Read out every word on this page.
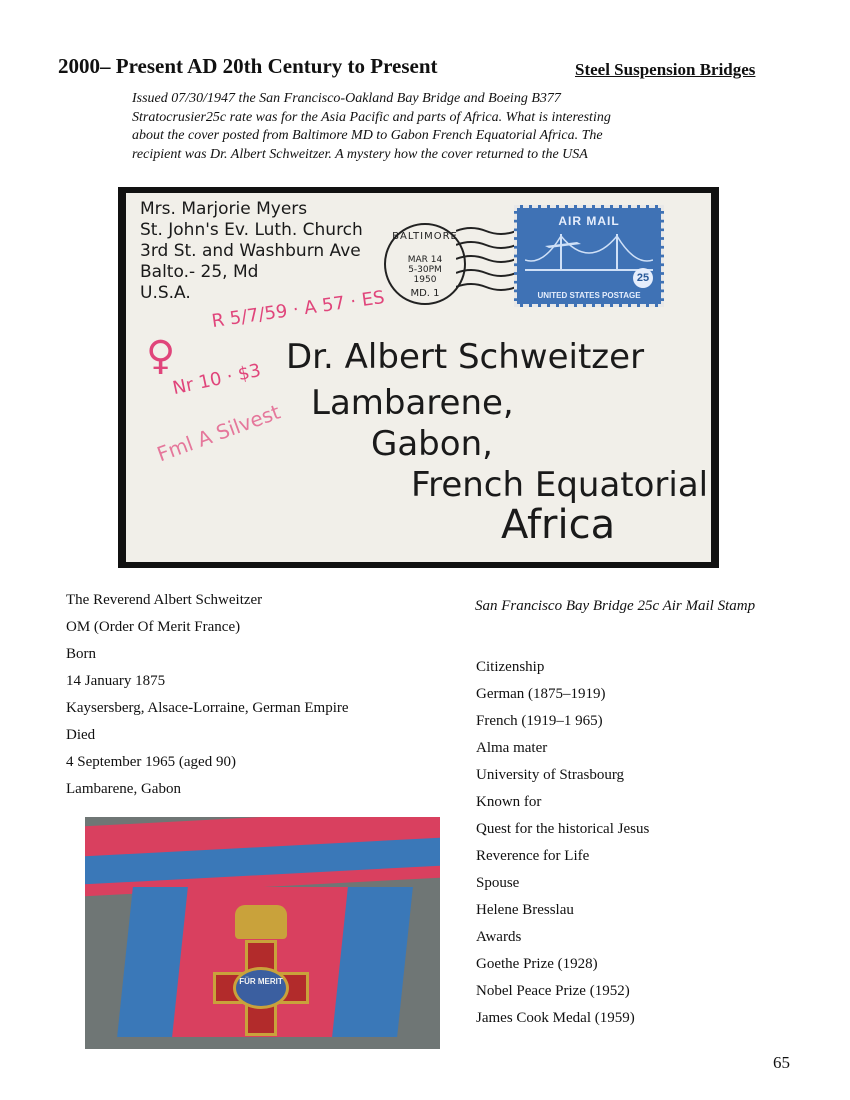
2000– Present AD 20th Century to Present	Steel Suspension Bridges
Issued 07/30/1947 the San Francisco-Oakland Bay Bridge and Boeing B377
Stratocrusier25c rate was for the Asia Pacific and parts of Africa. What is interesting
about the cover posted from Baltimore MD to Gabon French Equatorial Africa. The
recipient was Dr. Albert Schweitzer. A mystery how the cover returned to the USA
Mrs. Marjorie Myers
St. John's Ev. Luth. Church
3rd St. and Washburn Ave
Balto.- 25, Md
U.S.A.
BALTIMORE
MAR 14
5-30PM
1950
MD. 1
AIR MAIL
25
UNITED STATES POSTAGE
R 5/7/59 · A 57 · ES
♀
Nr 10 · $3
Fml A Silvest
Dr. Albert Schweitzer
Lambarene,
Gabon,
French Equatorial
Africa

The Reverend Albert Schweitzer

OM (Order Of Merit France)

Born

14 January 1875

Kaysersberg, Alsace-Lorraine, German Empire

Died

4 September 1965 (aged 90)

Lambarene, Gabon

San Francisco Bay Bridge 25c Air Mail Stamp

Citizenship

German (1875–1919)

French (1919–1 965)

Alma mater

University of Strasbourg

Known for

Quest for the historical Jesus

Reverence for Life

Spouse

Helene Bresslau

Awards

Goethe Prize (1928)

Nobel Peace Prize (1952)

James Cook Medal (1959)

FÜR MERIT
65
